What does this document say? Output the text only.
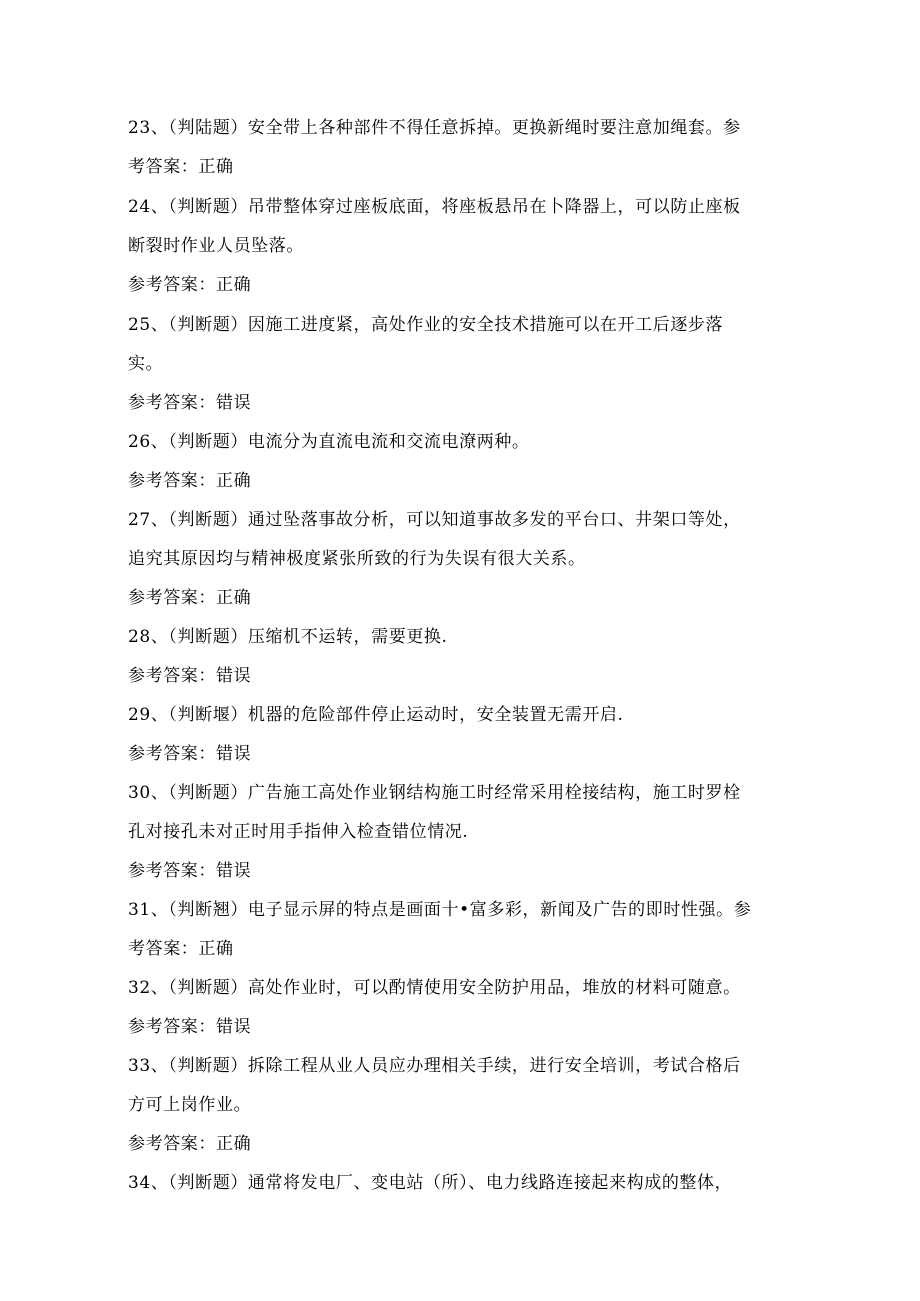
23、（判陆题）安全带上各种部件不得任意拆掉。更换新绳时要注意加绳套。参
考答案：正确
24、（判断题）吊带整体穿过座板底面，将座板悬吊在卜降器上，可以防止座板
断裂时作业人员坠落。
参考答案：正确
25、（判断题）因施工进度紧，高处作业的安全技术措施可以在开工后逐步落
实。
参考答案：错误
26、（判断题）电流分为直流电流和交流电潦两种。
参考答案：正确
27、（判断题）通过坠落事故分析，可以知道事故多发的平台口、井架口等处，
追究其原因均与精神极度紧张所致的行为失误有很大关系。
参考答案：正确
28、（判断题）压缩机不运转，需要更换.
参考答案：错误
29、（判断堰）机器的危险部件停止运动时，安全装置无需开启.
参考答案：错误
30、（判断题）广告施工高处作业钢结构施工时经常采用栓接结构，施工时罗栓
孔对接孔未对正时用手指伸入检查错位情况.
参考答案：错误
31、（判断翘）电子显示屏的特点是画面十•富多彩，新闻及广告的即时性强。参
考答案：正确
32、（判断题）高处作业时，可以酌情使用安全防护用品，堆放的材料可随意。
参考答案：错误
33、（判断题）拆除工程从业人员应办理相关手续，进行安全培训，考试合格后
方可上岗作业。
参考答案：正确
34、（判断题）通常将发电厂、变电站（所）、电力线路连接起来构成的整体，
